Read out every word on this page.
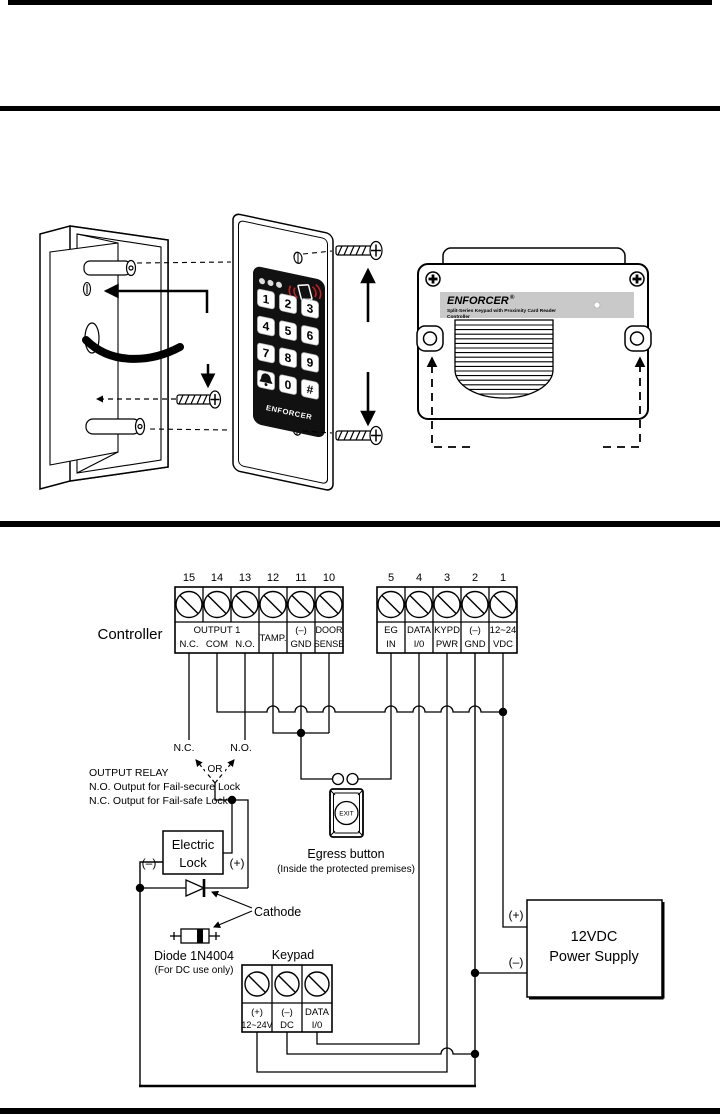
1 2 3
4 5 6
7 8 9
0 #
ENFORCER
ENFORCER ®
Split-Series Keypad with Proximity Card Reader
Controller
Controller
15 14 13 12 11 10
OUTPUT 1
N.C. COM N.O.
TAMP.
(–)
GND
DOOR
SENSE
5 4 3 2 1
EG
IN
DATA
I/0
KYPD
PWR
(–)
GND
12~24
VDC
N.C.	N.O.
OR
OUTPUT RELAY
N.O. Output for Fail-secure Lock
N.C. Output for Fail-safe Lock
Electric
Lock
(–)	(+)
Cathode
Diode 1N4004
(For DC use only)
EXIT
Egress button
(Inside the protected premises)
Keypad
(+)
12~24V
(–)
DC
DATA
I/0
12VDC
Power Supply
(+)
(–)
